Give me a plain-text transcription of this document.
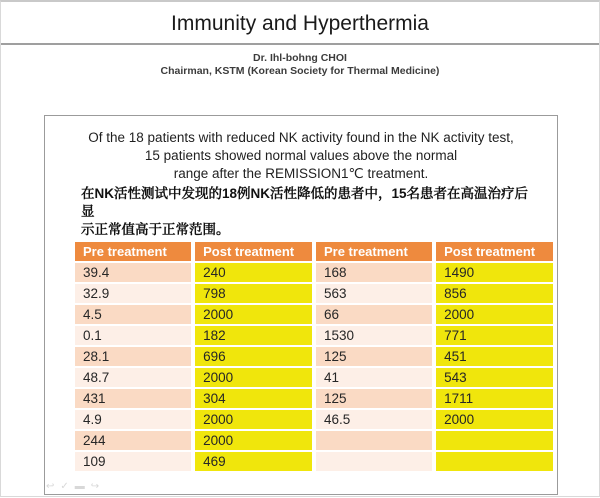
Immunity and Hyperthermia
Dr. Ihl-bohng CHOI
Chairman, KSTM (Korean Society for Thermal Medicine)

Of the 18 patients with reduced NK activity found in the NK activity test,
15 patients showed normal values above the normal
range after the REMISSION1℃ treatment.

在NK活性测试中发现的18例NK活性降低的患者中，15名患者在高温治疗后显
示正常值高于正常范围。

Pre treatment	Post treatment	Pre treatment	Post treatment
39.4	240	168	1490
32.9	798	563	856
4.5	2000	66	2000
0.1	182	1530	771
28.1	696	125	451
48.7	2000	41	543
431	304	125	1711
4.9	2000	46.5	2000
244	2000		
109	469		
↩ ✓ ▬ ↪
